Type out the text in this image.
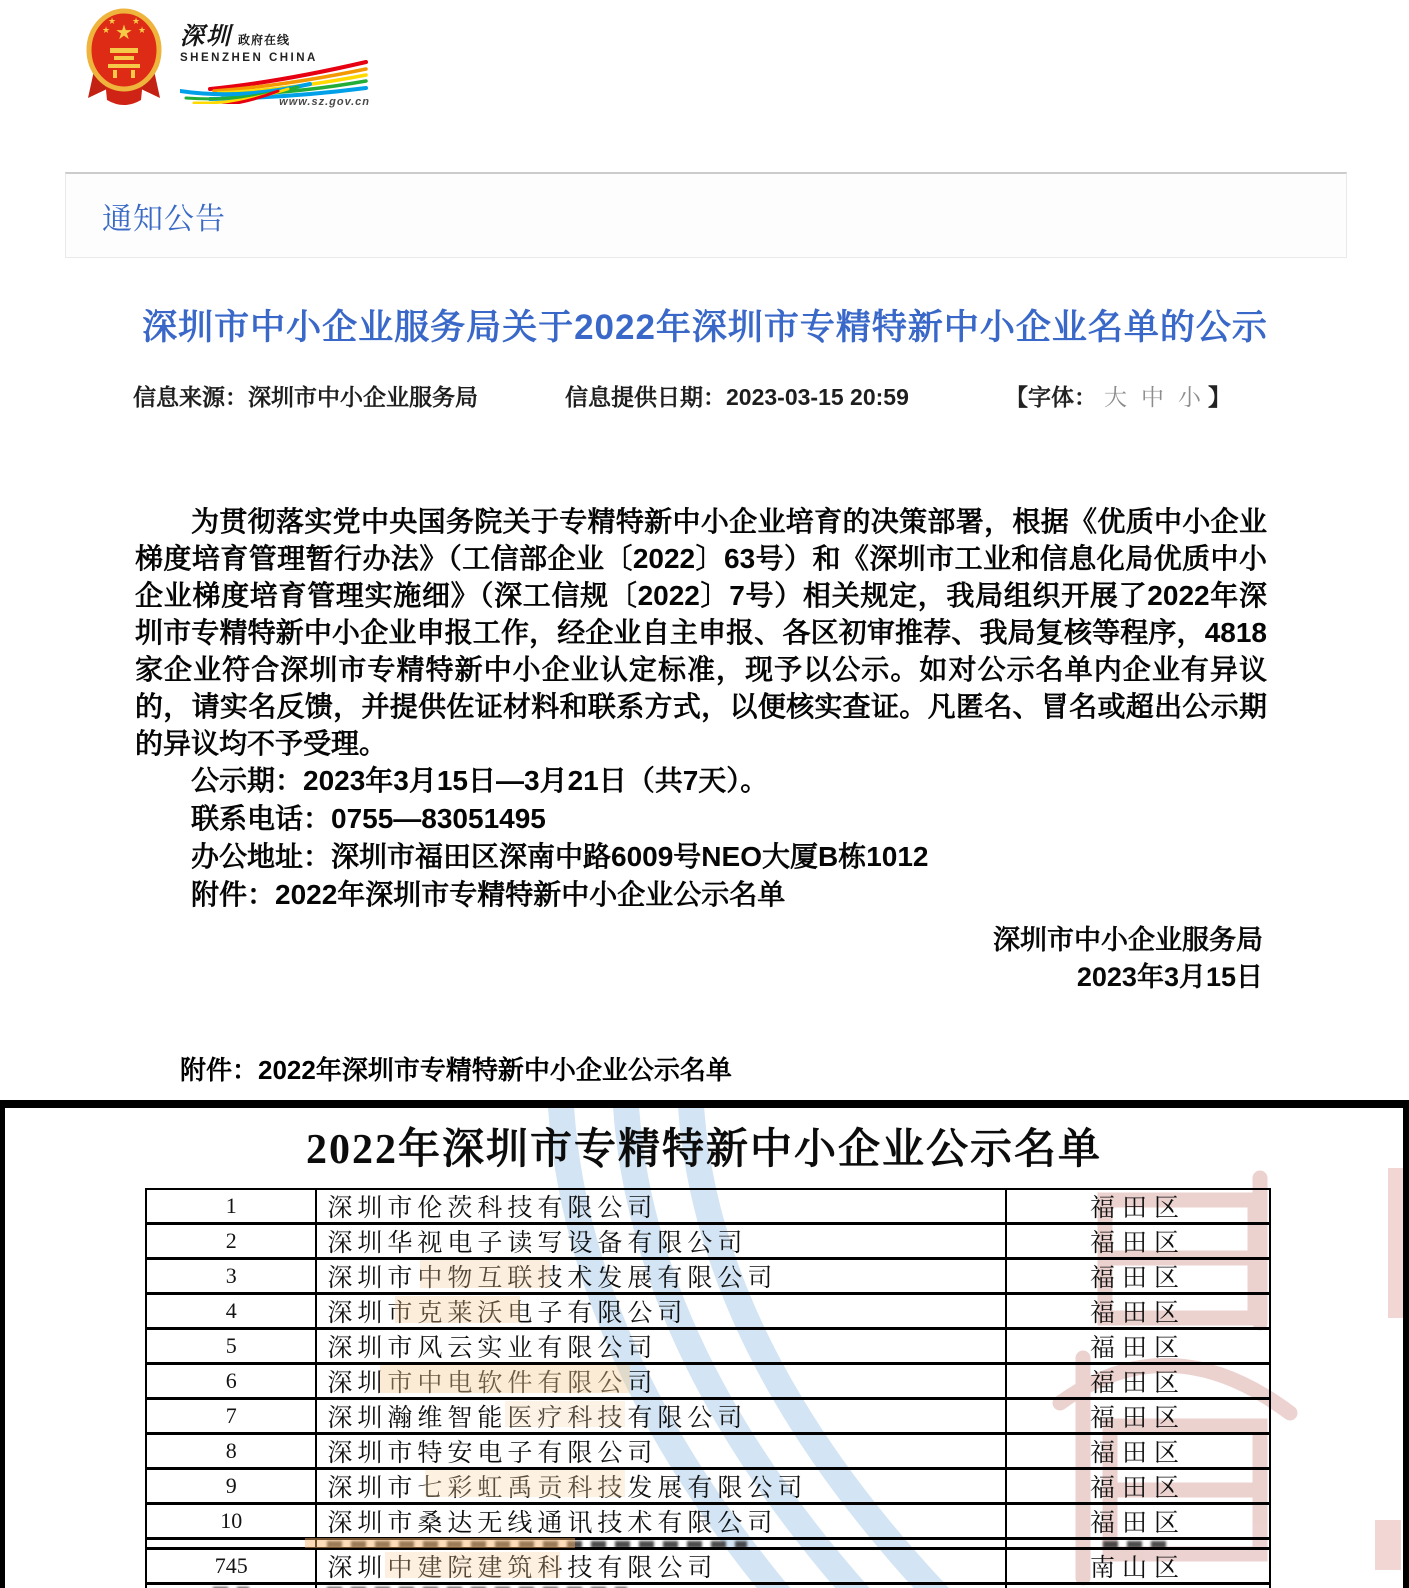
★
★	★
★ ★
深圳 政府在线
SHENZHEN CHINA
www.sz.gov.cn
通知公告
深圳市中小企业服务局关于2022年深圳市专精特新中小企业名单的公示
信息来源：深圳市中小企业服务局	信息提供日期：2023-03-15 20:59	【字体： 大 中 小 】

为贯彻落实党中央国务院关于专精特新中小企业培育的决策部署，根据《优质中小企业梯度培育管理暂行办法》（工信部企业〔2022〕63号）和《深圳市工业和信息化局优质中小企业梯度培育管理实施细》（深工信规〔2022〕7号）相关规定，我局组织开展了2022年深圳市专精特新中小企业申报工作，经企业自主申报、各区初审推荐、我局复核等程序，4818家企业符合深圳市专精特新中小企业认定标准，现予以公示。如对公示名单内企业有异议的，请实名反馈，并提供佐证材料和联系方式，以便核实查证。凡匿名、冒名或超出公示期的异议均不予受理。

公示期：2023年3月15日—3月21日（共7天）。

联系电话：0755—83051495

办公地址：深圳市福田区深南中路6009号NEO大厦B栋1012

附件：2022年深圳市专精特新中小企业公示名单

深圳市中小企业服务局
2023年3月15日
附件：2022年深圳市专精特新中小企业公示名单
2022年深圳市专精特新中小企业公示名单
1	深圳市伦茨科技有限公司	福田区
2	深圳华视电子读写设备有限公司	福田区
3	深圳市中物互联技术发展有限公司	福田区
4	深圳市克莱沃电子有限公司	福田区
5	深圳市风云实业有限公司	福田区
6	深圳市中电软件有限公司	福田区
7	深圳瀚维智能医疗科技有限公司	福田区
8	深圳市特安电子有限公司	福田区
9	深圳市七彩虹禹贡科技发展有限公司	福田区
10	深圳市桑达无线通讯技术有限公司	福田区
745	深圳中建院建筑科技有限公司	南山区
